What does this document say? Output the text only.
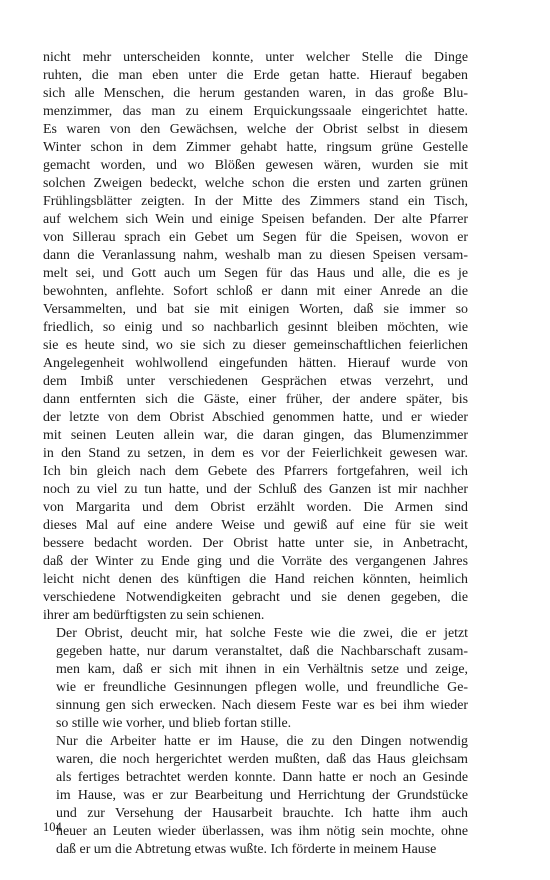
nicht mehr unterscheiden konnte, unter welcher Stelle die Dinge
ruhten, die man eben unter die Erde getan hatte. Hierauf begaben
sich alle Menschen, die herum gestanden waren, in das große Blu-
menzimmer, das man zu einem Erquickungssaale eingerichtet hatte.
Es waren von den Gewächsen, welche der Obrist selbst in diesem
Winter schon in dem Zimmer gehabt hatte, ringsum grüne Gestelle
gemacht worden, und wo Blößen gewesen wären, wurden sie mit
solchen Zweigen bedeckt, welche schon die ersten und zarten grünen
Frühlingsblätter zeigten. In der Mitte des Zimmers stand ein Tisch,
auf welchem sich Wein und einige Speisen befanden. Der alte Pfarrer
von Sillerau sprach ein Gebet um Segen für die Speisen, wovon er
dann die Veranlassung nahm, weshalb man zu diesen Speisen versam-
melt sei, und Gott auch um Segen für das Haus und alle, die es je
bewohnten, anflehte. Sofort schloß er dann mit einer Anrede an die
Versammelten, und bat sie mit einigen Worten, daß sie immer so
friedlich, so einig und so nachbarlich gesinnt bleiben möchten, wie
sie es heute sind, wo sie sich zu dieser gemeinschaftlichen feierlichen
Angelegenheit wohlwollend eingefunden hätten. Hierauf wurde von
dem Imbiß unter verschiedenen Gesprächen etwas verzehrt, und
dann entfernten sich die Gäste, einer früher, der andere später, bis
der letzte von dem Obrist Abschied genommen hatte, und er wieder
mit seinen Leuten allein war, die daran gingen, das Blumenzimmer
in den Stand zu setzen, in dem es vor der Feierlichkeit gewesen war.
Ich bin gleich nach dem Gebete des Pfarrers fortgefahren, weil ich
noch zu viel zu tun hatte, und der Schluß des Ganzen ist mir nachher
von Margarita und dem Obrist erzählt worden. Die Armen sind
dieses Mal auf eine andere Weise und gewiß auf eine für sie weit
bessere bedacht worden. Der Obrist hatte unter sie, in Anbetracht,
daß der Winter zu Ende ging und die Vorräte des vergangenen Jahres
leicht nicht denen des künftigen die Hand reichen könnten, heimlich
verschiedene Notwendigkeiten gebracht und sie denen gegeben, die
ihrer am bedürftigsten zu sein schienen.

Der Obrist, deucht mir, hat solche Feste wie die zwei, die er jetzt
gegeben hatte, nur darum veranstaltet, daß die Nachbarschaft zusam-
men kam, daß er sich mit ihnen in ein Verhältnis setze und zeige,
wie er freundliche Gesinnungen pflegen wolle, und freundliche Ge-
sinnung gen sich erwecken. Nach diesem Feste war es bei ihm wieder
so stille wie vorher, und blieb fortan stille.

Nur die Arbeiter hatte er im Hause, die zu den Dingen notwendig
waren, die noch hergerichtet werden mußten, daß das Haus gleichsam
als fertiges betrachtet werden konnte. Dann hatte er noch an Gesinde
im Hause, was er zur Bearbeitung und Herrichtung der Grundstücke
und zur Versehung der Hausarbeit brauchte. Ich hatte ihm auch
heuer an Leuten wieder überlassen, was ihm nötig sein mochte, ohne
daß er um die Abtretung etwas wußte. Ich förderte in meinem Hause

104
